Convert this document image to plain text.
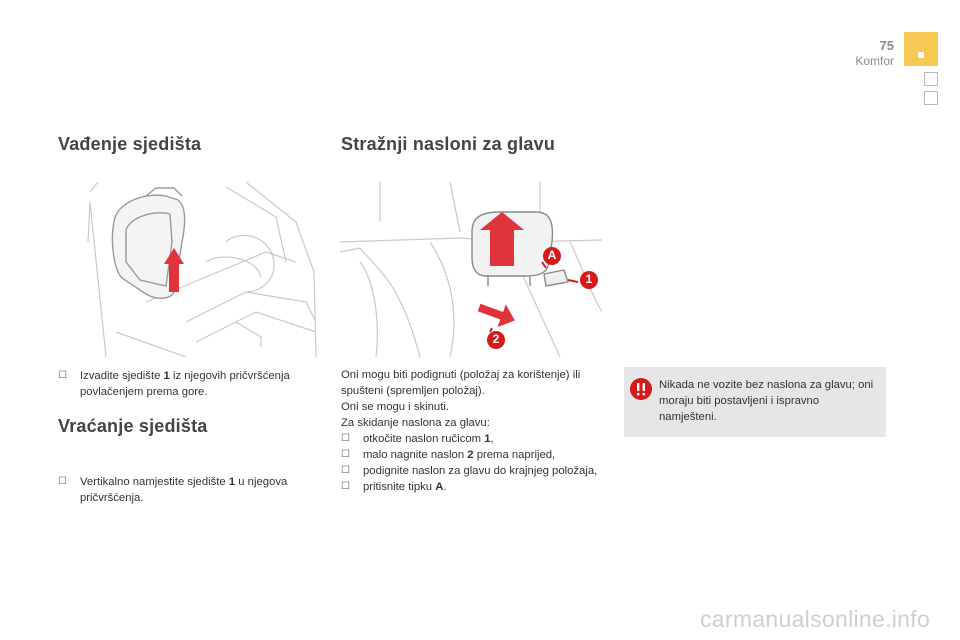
75
Komfor
Vađenje sjedišta
☐ Izvadite sjedište 1 iz njegovih pričvršćenja povlačenjem prema gore.
Vraćanje sjedišta
☐ Vertikalno namjestite sjedište 1 u njegova pričvršćenja.
Stražnji nasloni za glavu
A
1
2
Oni mogu biti podignuti (položaj za korištenje) ili spušteni (spremljen položaj).
Oni se mogu i skinuti.
Za skidanje naslona za glavu:
☐ otkočite naslon ručicom 1,
☐ malo nagnite naslon 2 prema naprijed,
☐ podignite naslon za glavu do krajnjeg položaja,
☐ pritisnite tipku A.
Nikada ne vozite bez naslona za glavu; oni moraju biti postavljeni i ispravno namješteni.
carmanualsonline.info
